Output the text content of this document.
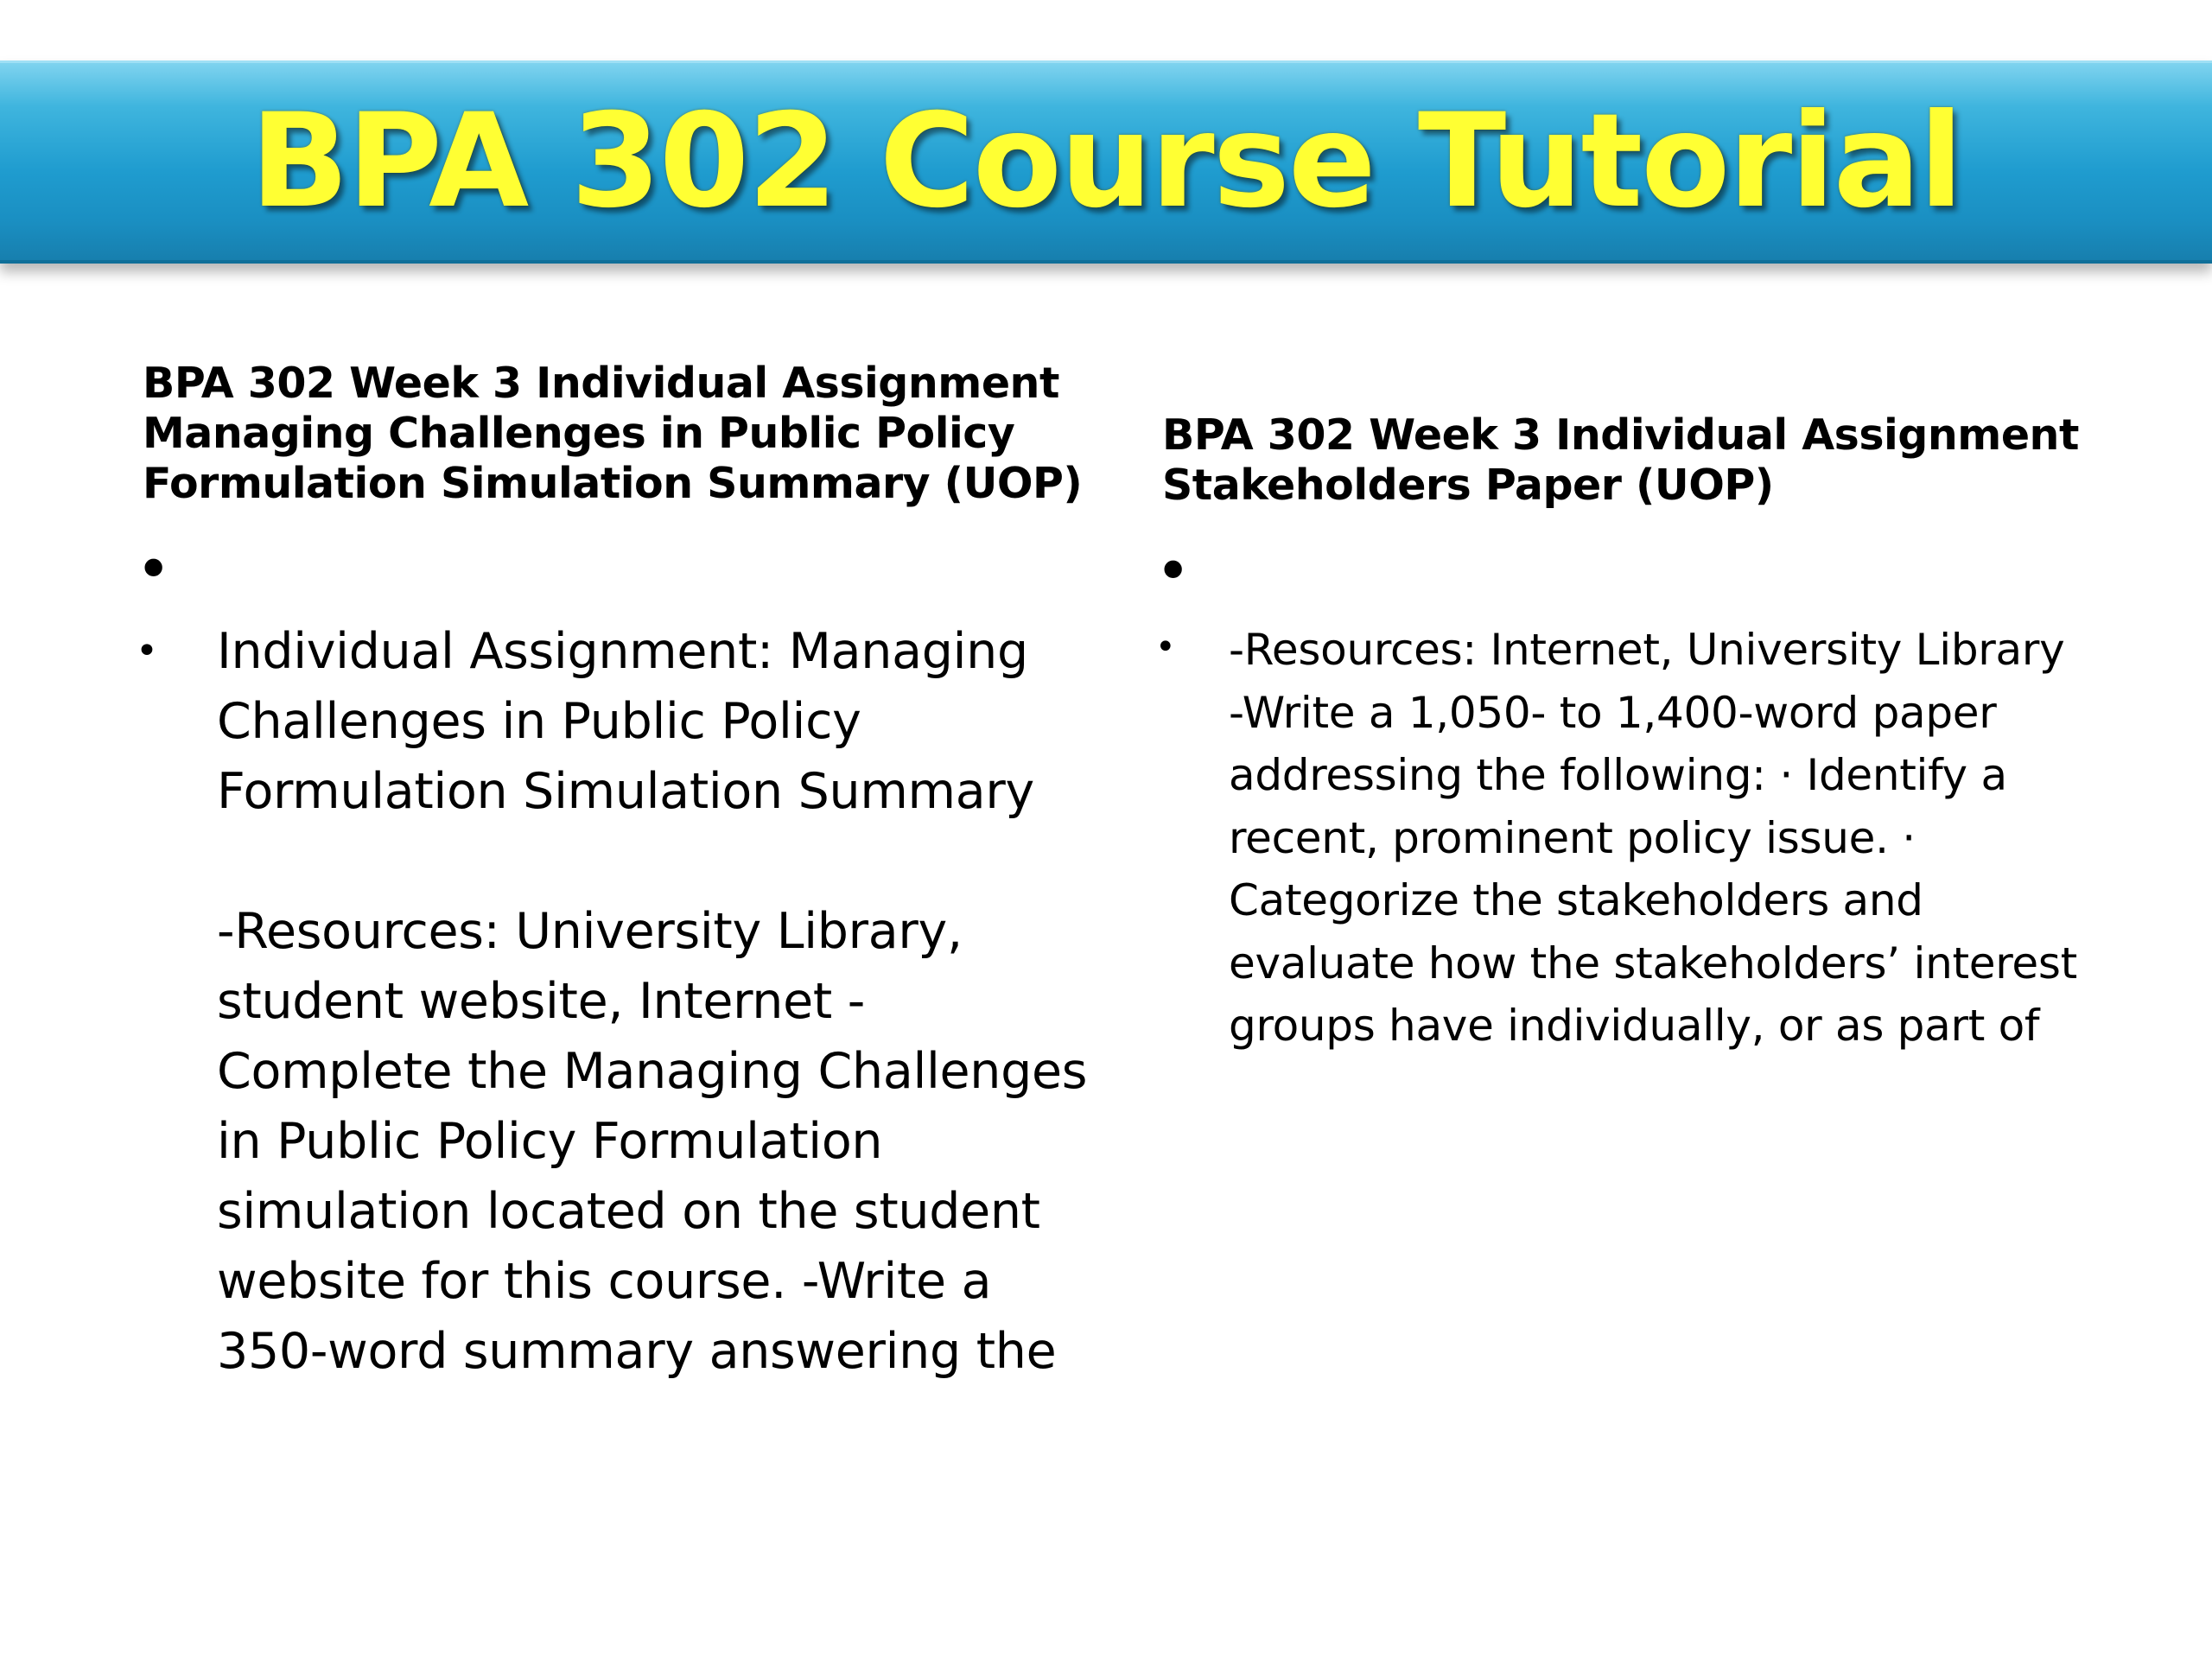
BPA 302 Course Tutorial
BPA 302 Week 3 Individual Assignment
Managing Challenges in Public Policy
Formulation Simulation Summary (UOP)
•
• Individual Assignment: Managing
Challenges in Public Policy
Formulation Simulation Summary
-Resources: University Library,
student website, Internet -
Complete the Managing Challenges
in Public Policy Formulation
simulation located on the student
website for this course. -Write a
350-word summary answering the
BPA 302 Week 3 Individual Assignment
Stakeholders Paper (UOP)
•
• -Resources: Internet, University Library
-Write a 1,050- to 1,400-word paper
addressing the following: · Identify a
recent, prominent policy issue. ·
Categorize the stakeholders and
evaluate how the stakeholders’ interest
groups have individually, or as part of
